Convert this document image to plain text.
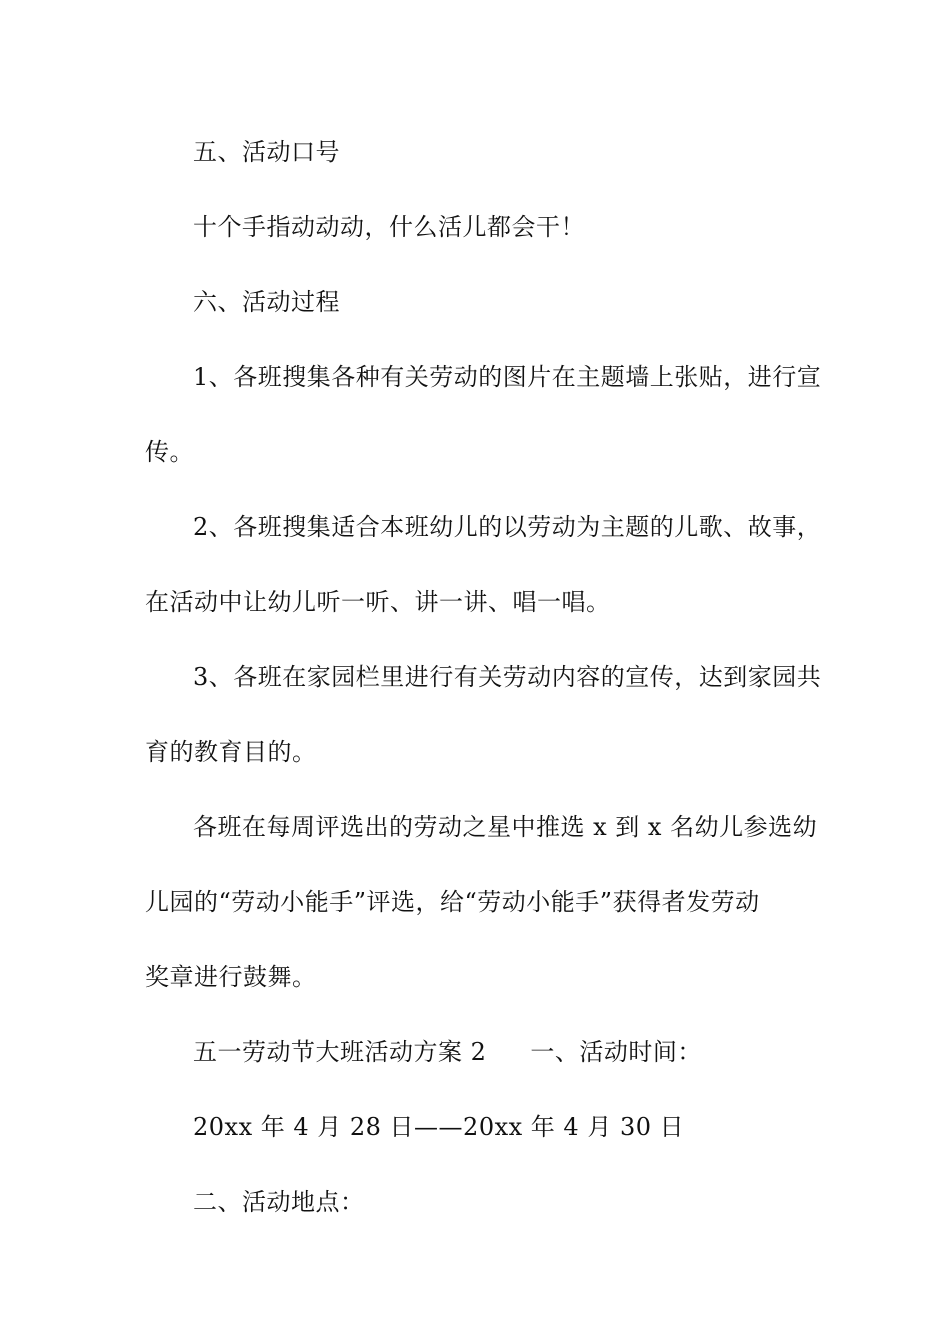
五、活动口号
十个手指动动动，什么活儿都会干！
六、活动过程
1、各班搜集各种有关劳动的图片在主题墙上张贴，进行宣
传。
2、各班搜集适合本班幼儿的以劳动为主题的儿歌、故事，
在活动中让幼儿听一听、讲一讲、唱一唱。
3、各班在家园栏里进行有关劳动内容的宣传，达到家园共
育的教育目的。
各班在每周评选出的劳动之星中推选 x 到 x 名幼儿参选幼
儿园的“劳动小能手”评选，给“劳动小能手”获得者发劳动
奖章进行鼓舞。
五一劳动节大班活动方案 2 一、活动时间：
20xx 年 4 月 28 日——20xx 年 4 月 30 日
二、活动地点：
